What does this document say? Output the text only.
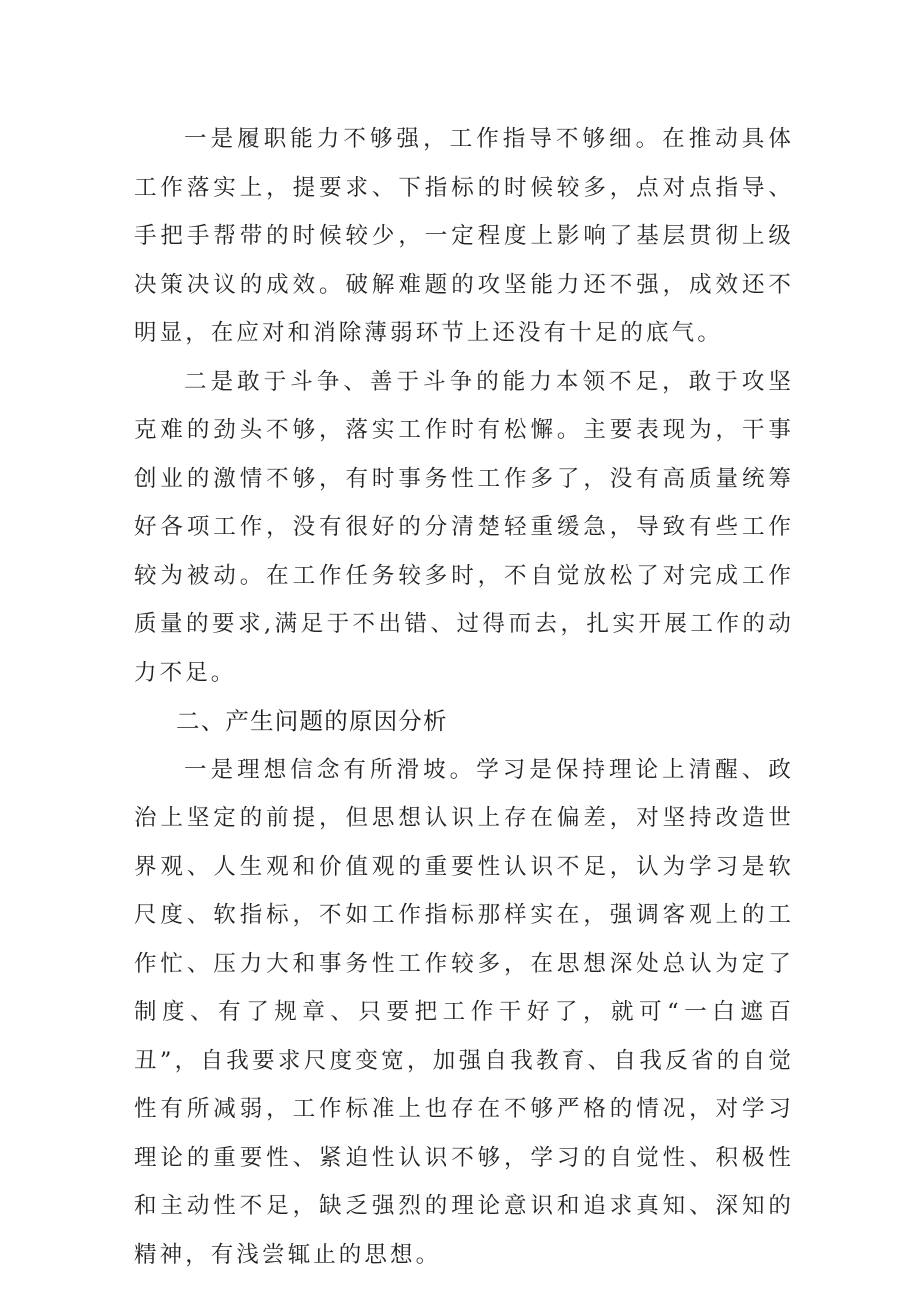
一是履职能力不够强，工作指导不够细。在推动具体工作落实上，提要求、下指标的时候较多，点对点指导、手把手帮带的时候较少，一定程度上影响了基层贯彻上级决策决议的成效。破解难题的攻坚能力还不强，成效还不明显，在应对和消除薄弱环节上还没有十足的底气。

二是敢于斗争、善于斗争的能力本领不足，敢于攻坚克难的劲头不够，落实工作时有松懈。主要表现为，干事创业的激情不够，有时事务性工作多了，没有高质量统筹好各项工作，没有很好的分清楚轻重缓急，导致有些工作较为被动。在工作任务较多时，不自觉放松了对完成工作质量的要求,满足于不出错、过得而去，扎实开展工作的动力不足。

二、产生问题的原因分析

一是理想信念有所滑坡。学习是保持理论上清醒、政治上坚定的前提，但思想认识上存在偏差，对坚持改造世界观、人生观和价值观的重要性认识不足，认为学习是软尺度、软指标，不如工作指标那样实在，强调客观上的工作忙、压力大和事务性工作较多，在思想深处总认为定了制度、有了规章、只要把工作干好了，就可“一白遮百丑”，自我要求尺度变宽，加强自我教育、自我反省的自觉性有所减弱，工作标准上也存在不够严格的情况，对学习理论的重要性、紧迫性认识不够，学习的自觉性、积极性和主动性不足，缺乏强烈的理论意识和追求真知、深知的精神，有浅尝辄止的思想。
